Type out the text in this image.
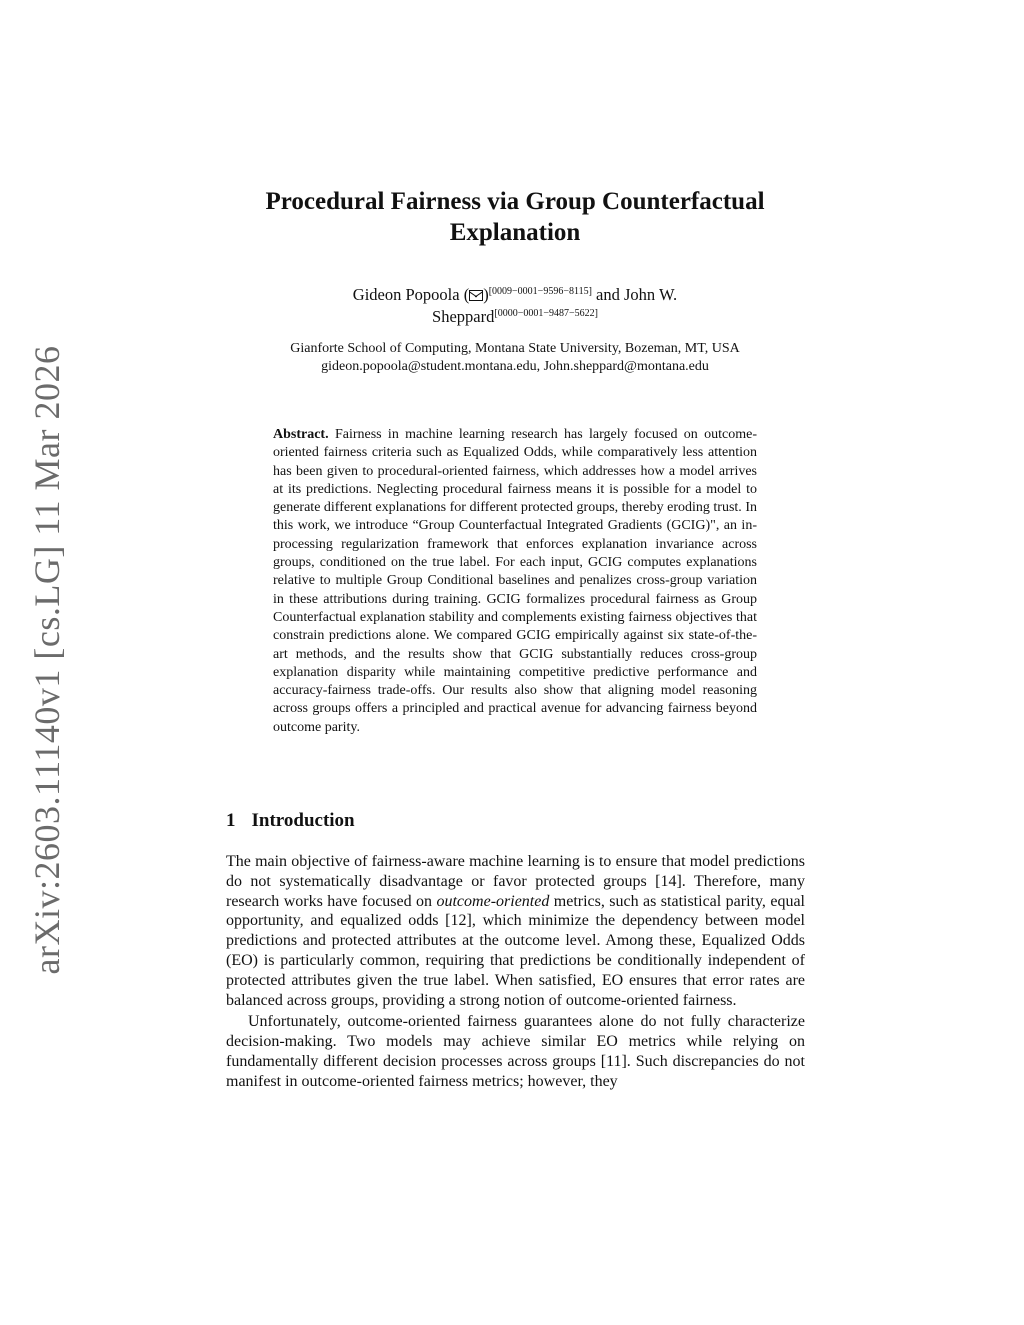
arXiv:2603.11140v1 [cs.LG] 11 Mar 2026
Procedural Fairness via Group Counterfactual Explanation
Gideon Popoola ( )[0009−0001−9596−8115] and John W. Sheppard[0000−0001−9487−5622]
Gianforte School of Computing, Montana State University, Bozeman, MT, USA
gideon.popoola@student.montana.edu, John.sheppard@montana.edu
Abstract. Fairness in machine learning research has largely focused on outcome-oriented fairness criteria such as Equalized Odds, while comparatively less attention has been given to procedural-oriented fairness, which addresses how a model arrives at its predictions. Neglecting procedural fairness means it is possible for a model to generate different explanations for different protected groups, thereby eroding trust. In this work, we introduce “Group Counterfactual Integrated Gradients (GCIG)", an in-processing regularization framework that enforces explanation invariance across groups, conditioned on the true label. For each input, GCIG computes explanations relative to multiple Group Conditional baselines and penalizes cross-group variation in these attributions during training. GCIG formalizes procedural fairness as Group Counterfactual explanation stability and complements existing fairness objectives that constrain predictions alone. We compared GCIG empirically against six state-of-the-art methods, and the results show that GCIG substantially reduces cross-group explanation disparity while maintaining competitive predictive performance and accuracy-fairness trade-offs. Our results also show that aligning model reasoning across groups offers a principled and practical avenue for advancing fairness beyond outcome parity.
1 Introduction

The main objective of fairness-aware machine learning is to ensure that model predictions do not systematically disadvantage or favor protected groups [14]. Therefore, many research works have focused on outcome-oriented metrics, such as statistical parity, equal opportunity, and equalized odds [12], which minimize the dependency between model predictions and protected attributes at the outcome level. Among these, Equalized Odds (EO) is particularly common, requiring that predictions be conditionally independent of protected attributes given the true label. When satisfied, EO ensures that error rates are balanced across groups, providing a strong notion of outcome-oriented fairness.

Unfortunately, outcome-oriented fairness guarantees alone do not fully characterize decision-making. Two models may achieve similar EO metrics while relying on fundamentally different decision processes across groups [11]. Such discrepancies do not manifest in outcome-oriented fairness metrics; however, they
